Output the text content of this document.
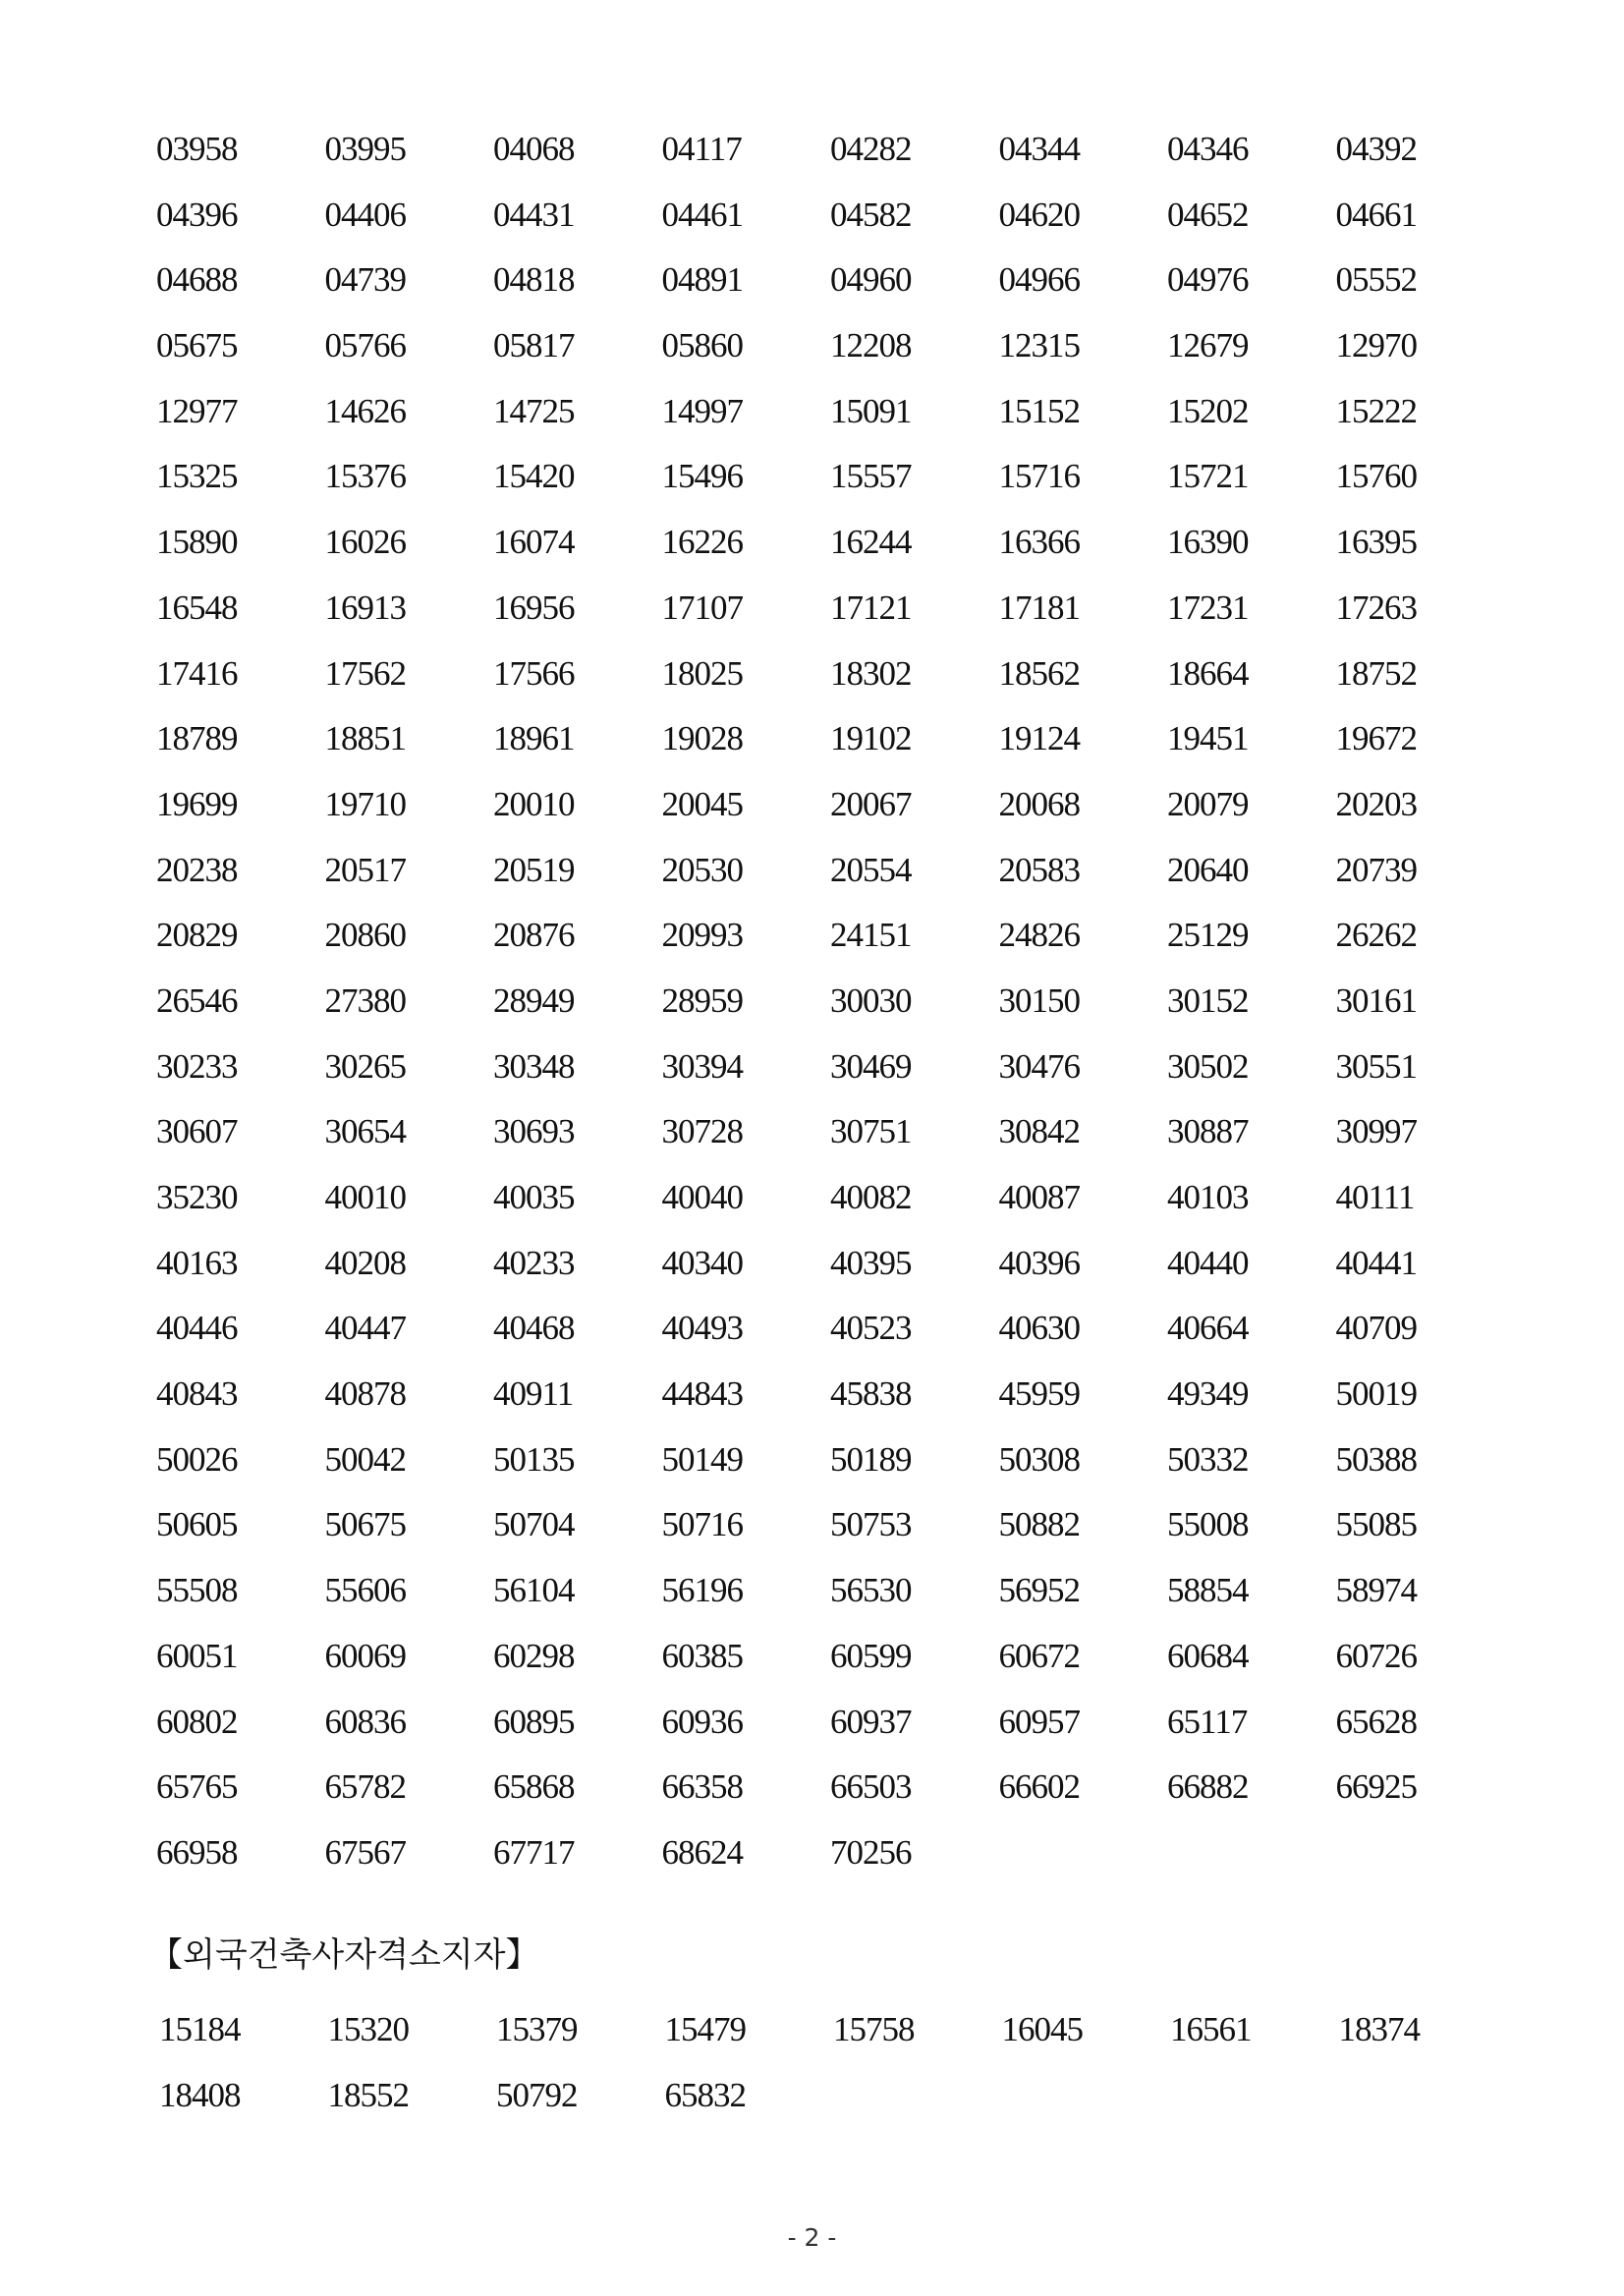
03958	03995	04068	04117	04282	04344	04346	04392
04396	04406	04431	04461	04582	04620	04652	04661
04688	04739	04818	04891	04960	04966	04976	05552
05675	05766	05817	05860	12208	12315	12679	12970
12977	14626	14725	14997	15091	15152	15202	15222
15325	15376	15420	15496	15557	15716	15721	15760
15890	16026	16074	16226	16244	16366	16390	16395
16548	16913	16956	17107	17121	17181	17231	17263
17416	17562	17566	18025	18302	18562	18664	18752
18789	18851	18961	19028	19102	19124	19451	19672
19699	19710	20010	20045	20067	20068	20079	20203
20238	20517	20519	20530	20554	20583	20640	20739
20829	20860	20876	20993	24151	24826	25129	26262
26546	27380	28949	28959	30030	30150	30152	30161
30233	30265	30348	30394	30469	30476	30502	30551
30607	30654	30693	30728	30751	30842	30887	30997
35230	40010	40035	40040	40082	40087	40103	40111
40163	40208	40233	40340	40395	40396	40440	40441
40446	40447	40468	40493	40523	40630	40664	40709
40843	40878	40911	44843	45838	45959	49349	50019
50026	50042	50135	50149	50189	50308	50332	50388
50605	50675	50704	50716	50753	50882	55008	55085
55508	55606	56104	56196	56530	56952	58854	58974
60051	60069	60298	60385	60599	60672	60684	60726
60802	60836	60895	60936	60937	60957	65117	65628
65765	65782	65868	66358	66503	66602	66882	66925
66958	67567	67717	68624	70256
【외국건축사자격소지자】
15184	15320	15379	15479	15758	16045	16561	18374
18408	18552	50792	65832
- 2 -
